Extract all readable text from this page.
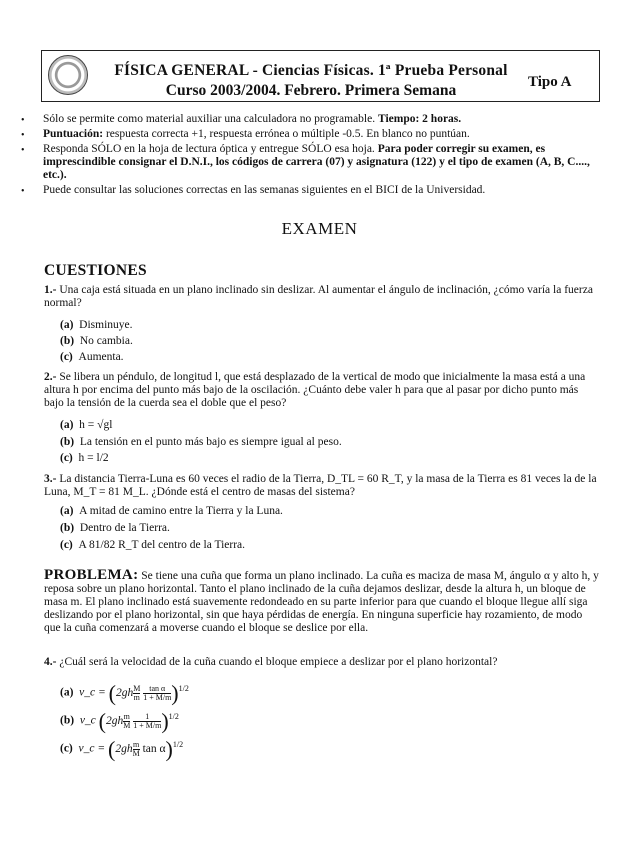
FÍSICA GENERAL - Ciencias Físicas. 1ª Prueba Personal
Curso 2003/2004. Febrero. Primera Semana	Tipo A
• Sólo se permite como material auxiliar una calculadora no programable. Tiempo: 2 horas.
• Puntuación: respuesta correcta +1, respuesta errónea o múltiple -0.5. En blanco no puntúan.
• Responda SÓLO en la hoja de lectura óptica y entregue SÓLO esa hoja. Para poder corregir su examen, es imprescindible consignar el D.N.I., los códigos de carrera (07) y asignatura (122) y el tipo de examen (A, B, C...., etc.).
• Puede consultar las soluciones correctas en las semanas siguientes en el BICI de la Universidad.
EXAMEN
CUESTIONES
1.- Una caja está situada en un plano inclinado sin deslizar. Al aumentar el ángulo de inclinación, ¿cómo varía la fuerza normal?
(a) Disminuye.
(b) No cambia.
(c) Aumenta.
2.- Se libera un péndulo, de longitud l, que está desplazado de la vertical de modo que inicialmente la masa está a una altura h por encima del punto más bajo de la oscilación. ¿Cuánto debe valer h para que al pasar por dicho punto más bajo la tensión de la cuerda sea el doble que el peso?
(a) h = √gl
(b) La tensión en el punto más bajo es siempre igual al peso.
(c) h = l/2
3.- La distancia Tierra-Luna es 60 veces el radio de la Tierra, D_TL = 60 R_T, y la masa de la Tierra es 81 veces la de la Luna, M_T = 81 M_L. ¿Dónde está el centro de masas del sistema?
(a) A mitad de camino entre la Tierra y la Luna.
(b) Dentro de la Tierra.
(c) A 81/82 R_T del centro de la Tierra.
PROBLEMA: Se tiene una cuña que forma un plano inclinado. La cuña es maciza de masa M, ángulo α y alto h, y reposa sobre un plano horizontal. Tanto el plano inclinado de la cuña dejamos deslizar, desde la altura h, un bloque de masa m. El plano inclinado está suavemente redondeado en su parte inferior para que cuando el bloque llegue allí siga deslizando por el plano horizontal, sin que haya pérdidas de energía. En ninguna superficie hay rozamiento, de modo que la cuña comenzará a moverse cuando el bloque se deslice por ella.
4.- ¿Cuál será la velocidad de la cuña cuando el bloque empiece a deslizar por el plano horizontal?
(a) v_c = ($2gh \frac{M}{m}$
$\frac{\text{tan α}}{1 + M/m} )^{1/2}$
(b) v_c ($2gh \frac{m}{M}$
$\frac{1}{1 + M/m} )^{1/2}$
(c) v_c = ($2gh \frac{m}{M}$ tan α)$^{1/2}$
